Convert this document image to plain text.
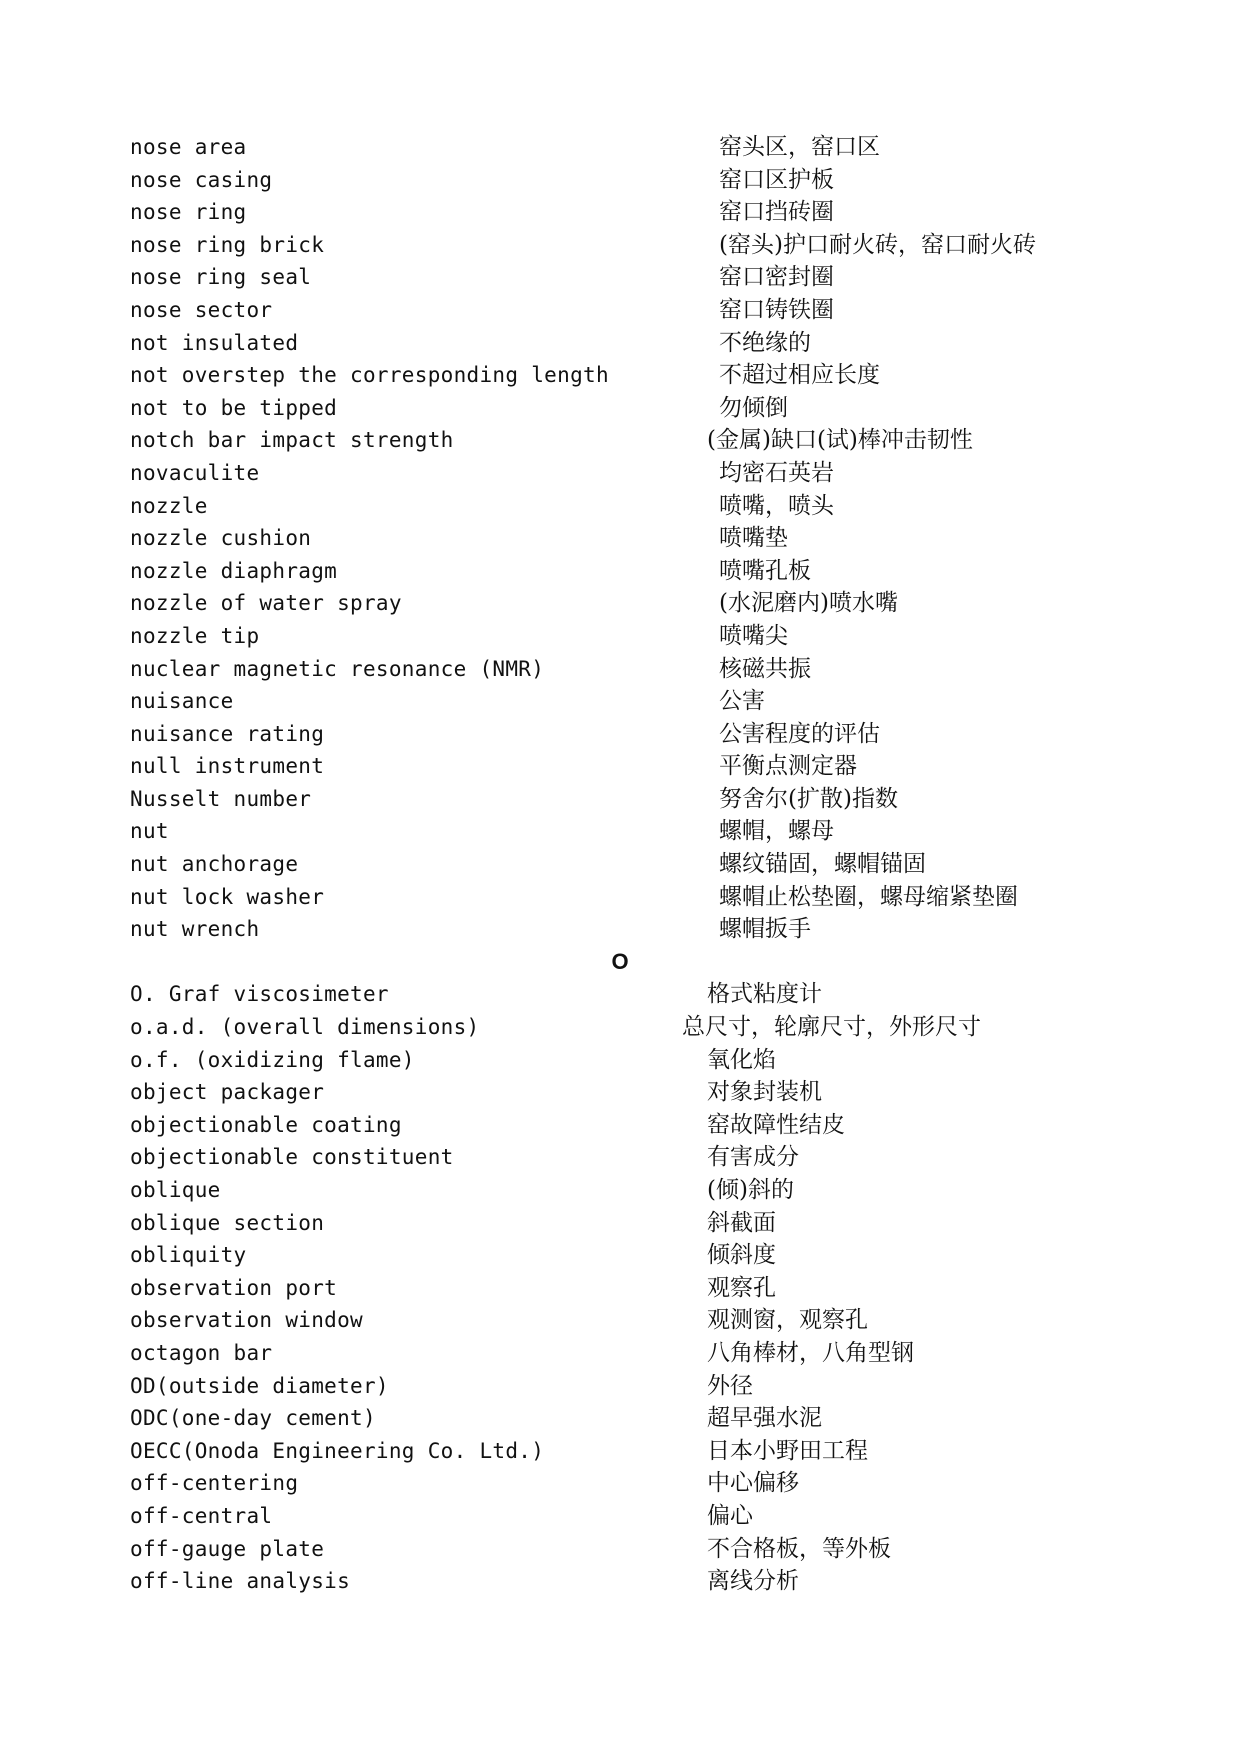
nose area	窑头区，窑口区
nose casing	窑口区护板
nose ring	窑口挡砖圈
nose ring brick	(窑头)护口耐火砖，窑口耐火砖
nose ring seal	窑口密封圈
nose sector	窑口铸铁圈
not insulated	不绝缘的
not overstep the corresponding length	不超过相应长度
not to be tipped	勿倾倒
notch bar impact strength	(金属)缺口(试)棒冲击韧性
novaculite	均密石英岩
nozzle	喷嘴，喷头
nozzle cushion	喷嘴垫
nozzle diaphragm	喷嘴孔板
nozzle of water spray	(水泥磨内)喷水嘴
nozzle tip	喷嘴尖
nuclear magnetic resonance (NMR)	核磁共振
nuisance	公害
nuisance rating	公害程度的评估
null instrument	平衡点测定器
Nusselt number	努舍尔(扩散)指数
nut	螺帽，螺母
nut anchorage	螺纹锚固，螺帽锚固
nut lock washer	螺帽止松垫圈，螺母缩紧垫圈
nut wrench	螺帽扳手
O
O. Graf viscosimeter	格式粘度计
o.a.d. (overall dimensions)	总尺寸，轮廓尺寸，外形尺寸
o.f. (oxidizing flame)	氧化焰
object packager	对象封装机
objectionable coating	窑故障性结皮
objectionable constituent	有害成分
oblique	(倾)斜的
oblique section	斜截面
obliquity	倾斜度
observation port	观察孔
observation window	观测窗，观察孔
octagon bar	八角棒材，八角型钢
OD(outside diameter)	外径
ODC(one-day cement)	超早强水泥
OECC(Onoda Engineering Co. Ltd.)	日本小野田工程
off-centering	中心偏移
off-central	偏心
off-gauge plate	不合格板，等外板
off-line analysis	离线分析
